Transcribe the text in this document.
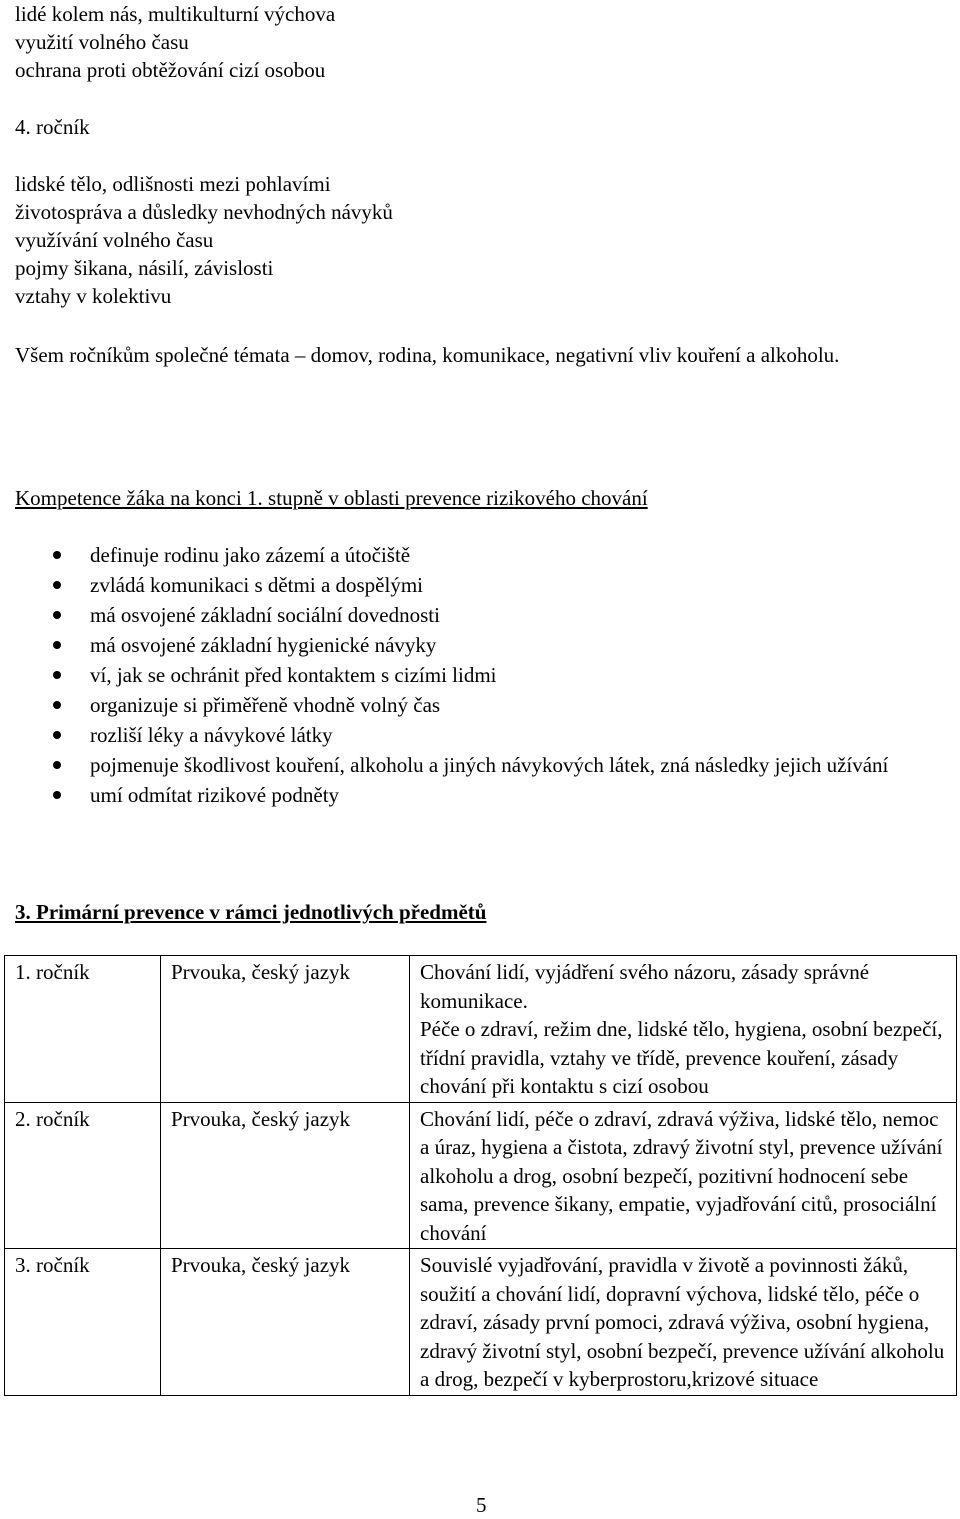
lidé kolem nás, multikulturní výchova
využití volného času
ochrana proti obtěžování cizí osobou
4. ročník
lidské tělo, odlišnosti mezi pohlavími
životospráva a důsledky nevhodných návyků
využívání volného času
pojmy šikana, násilí, závislosti
vztahy v kolektivu
Všem ročníkům společné témata – domov, rodina, komunikace, negativní vliv kouření a alkoholu.
Kompetence žáka na konci 1. stupně v oblasti prevence rizikového chování
definuje rodinu jako zázemí a útočiště
zvládá komunikaci s dětmi a dospělými
má osvojené základní sociální dovednosti
má osvojené základní hygienické návyky
ví, jak se ochránit před kontaktem s cizími lidmi
organizuje si přiměřeně vhodně volný čas
rozliší léky a návykové látky
pojmenuje škodlivost kouření, alkoholu a jiných návykových látek, zná následky jejich užívání
umí odmítat rizikové podněty
3. Primární prevence v rámci jednotlivých předmětů
1. ročník	Prvouka, český jazyk	Chování lidí, vyjádření svého názoru, zásady správné komunikace.
Péče o zdraví, režim dne, lidské tělo, hygiena, osobní bezpečí, třídní pravidla, vztahy ve třídě, prevence kouření, zásady chování při kontaktu s cizí osobou

2. ročník	Prvouka, český jazyk	Chování lidí, péče o zdraví, zdravá výživa, lidské tělo, nemoc a úraz, hygiena a čistota, zdravý životní styl, prevence užívání alkoholu a drog, osobní bezpečí, pozitivní hodnocení sebe sama, prevence šikany, empatie, vyjadřování citů, prosociální chování

3. ročník	Prvouka, český jazyk	Souvislé vyjadřování, pravidla v životě a povinnosti žáků, soužití a chování lidí, dopravní výchova, lidské tělo, péče o zdraví, zásady první pomoci, zdravá výživa, osobní hygiena, zdravý životní styl, osobní bezpečí, prevence užívání alkoholu a drog, bezpečí v kyberprostoru,krizové situace
5
